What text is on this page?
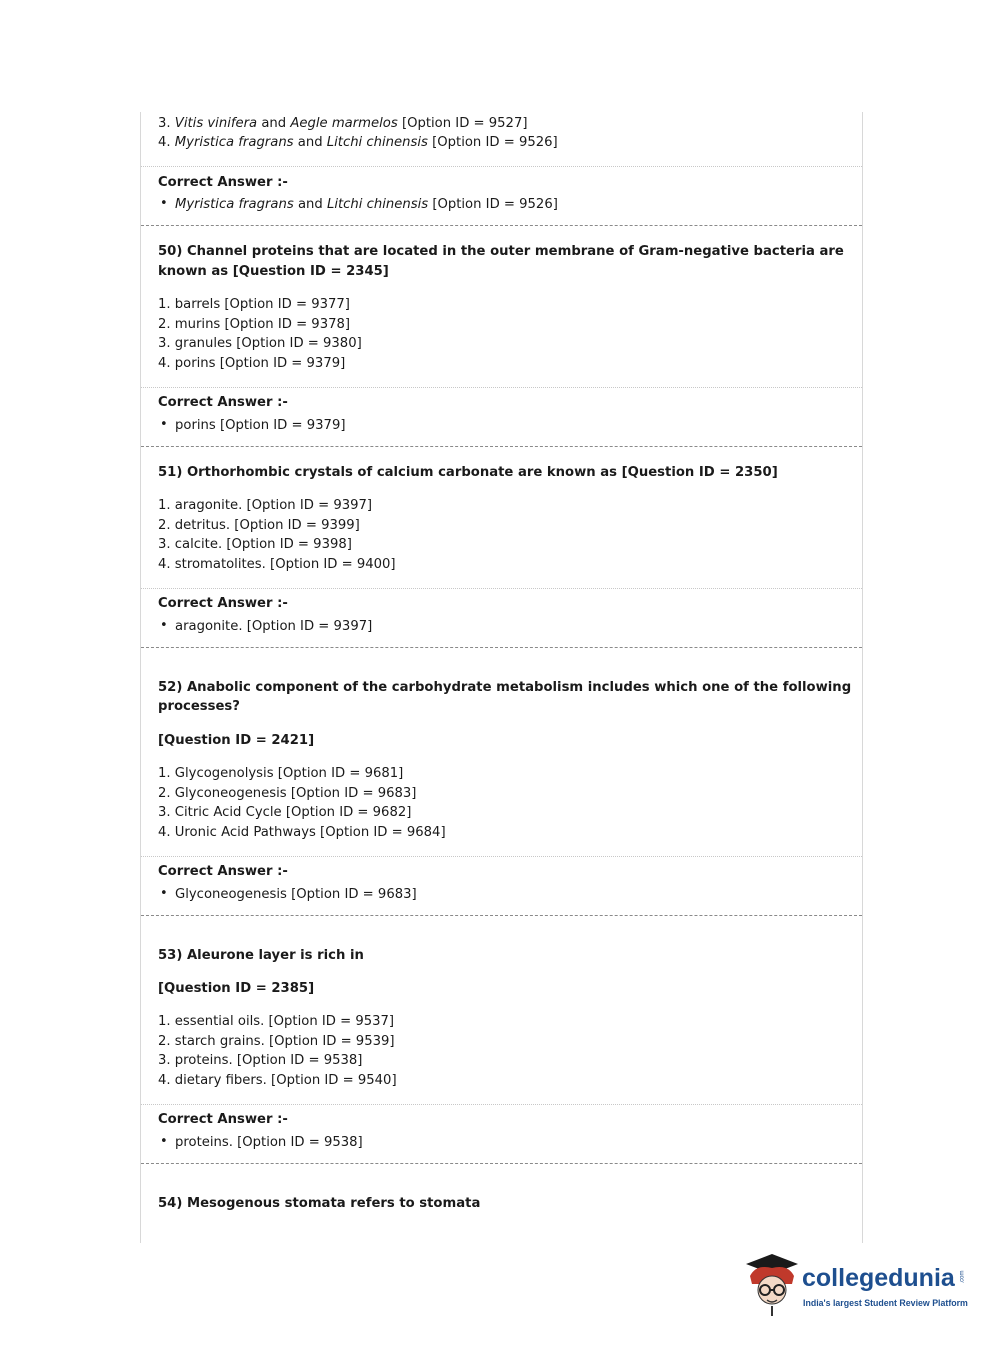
3. Vitis vinifera and Aegle marmelos [Option ID = 9527]
4. Myristica fragrans and Litchi chinensis [Option ID = 9526]
Correct Answer :-
• Myristica fragrans and Litchi chinensis [Option ID = 9526]
50) Channel proteins that are located in the outer membrane of Gram-negative bacteria are
known as [Question ID = 2345]
1. barrels [Option ID = 9377]
2. murins [Option ID = 9378]
3. granules [Option ID = 9380]
4. porins [Option ID = 9379]
Correct Answer :-
• porins [Option ID = 9379]
51) Orthorhombic crystals of calcium carbonate are known as [Question ID = 2350]
1. aragonite. [Option ID = 9397]
2. detritus. [Option ID = 9399]
3. calcite. [Option ID = 9398]
4. stromatolites. [Option ID = 9400]
Correct Answer :-
• aragonite. [Option ID = 9397]
52) Anabolic component of the carbohydrate metabolism includes which one of the following
processes?
[Question ID = 2421]
1. Glycogenolysis [Option ID = 9681]
2. Glyconeogenesis [Option ID = 9683]
3. Citric Acid Cycle [Option ID = 9682]
4. Uronic Acid Pathways [Option ID = 9684]
Correct Answer :-
• Glyconeogenesis [Option ID = 9683]
53) Aleurone layer is rich in
[Question ID = 2385]
1. essential oils. [Option ID = 9537]
2. starch grains. [Option ID = 9539]
3. proteins. [Option ID = 9538]
4. dietary fibers. [Option ID = 9540]
Correct Answer :-
• proteins. [Option ID = 9538]
54) Mesogenous stomata refers to stomata
collegedunia .com
India's largest Student Review Platform
